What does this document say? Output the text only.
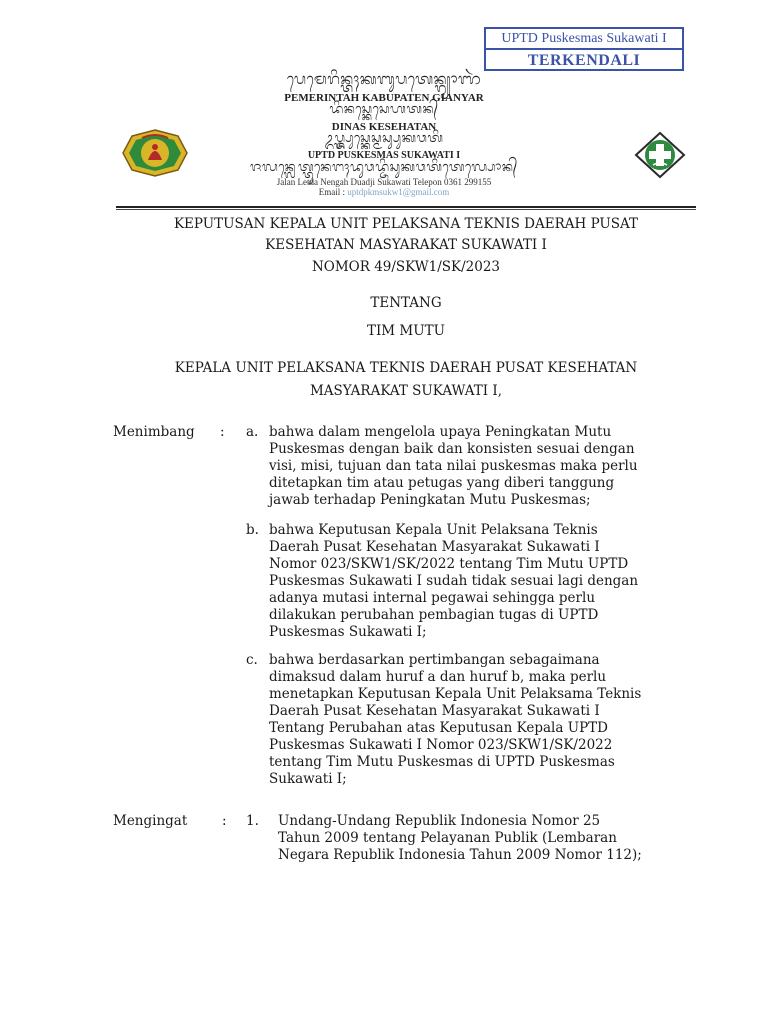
UPTD Puskesmas Sukawati I
TERKENDALI
ᬧᬾᬫᬾᬭᬶᬦ᭄ᬢᬄᬓᬩᬸᬧᬢᬾᬦ᭄ᬕ᭄ᬬᬵᬜᬃ
PEMERINTAH KABUPATEN GIANYAR
ᬤᬶᬦᬲ᭄ᬓᬾᬲᬾᬳᬢᬦ᭄
DINAS KESEHATAN
ᬉᬧ᭄ᬢ᭄ᬤ᭄ᬧᬸᬲ᭄ᬓᬾᬲ᭄ᬫᬲ᭄ᬲᬸᬓᬯᬢᬶ
UPTD PUSKESMAS SUKAWATI I
ᬚᬮᬦ᭄ᬮᬾᬢ᭄ᬢᬸᬦᬾᬗᬄᬤᬸᬯᬤ᭄ᬚᬶᬲᬸᬓᬯᬢᬶᬢᬾᬮ᭄ᬧᭀᬦ᭄
Jalan Letda Nengah Duadji Sukawati Telepon 0361 299155
Email : uptdpkmsukw1@gmail.com
KEPUTUSAN KEPALA UNIT PELAKSANA TEKNIS DAERAH PUSAT
KESEHATAN MASYARAKAT SUKAWATI I
NOMOR 49/SKW1/SK/2023
TENTANG
TIM MUTU
KEPALA UNIT PELAKSANA TEKNIS DAERAH PUSAT KESEHATAN
MASYARAKAT SUKAWATI I,
Menimbang : a. bahwa dalam mengelola upaya Peningkatan Mutu
Puskesmas dengan baik dan konsisten sesuai dengan
visi, misi, tujuan dan tata nilai puskesmas maka perlu
ditetapkan tim atau petugas yang diberi tanggung
jawab terhadap Peningkatan Mutu Puskesmas;
b. bahwa Keputusan Kepala Unit Pelaksana Teknis
Daerah Pusat Kesehatan Masyarakat Sukawati I
Nomor 023/SKW1/SK/2022 tentang Tim Mutu UPTD
Puskesmas Sukawati I sudah tidak sesuai lagi dengan
adanya mutasi internal pegawai sehingga perlu
dilakukan perubahan pembagian tugas di UPTD
Puskesmas Sukawati I;
c. bahwa berdasarkan pertimbangan sebagaimana
dimaksud dalam huruf a dan huruf b, maka perlu
menetapkan Keputusan Kepala Unit Pelaksama Teknis
Daerah Pusat Kesehatan Masyarakat Sukawati I
Tentang Perubahan atas Keputusan Kepala UPTD
Puskesmas Sukawati I Nomor 023/SKW1/SK/2022
tentang Tim Mutu Puskesmas di UPTD Puskesmas
Sukawati I;
Mengingat	: 1.	Undang-Undang Republik Indonesia Nomor 25
Tahun 2009 tentang Pelayanan Publik (Lembaran
Negara Republik Indonesia Tahun 2009 Nomor 112);
